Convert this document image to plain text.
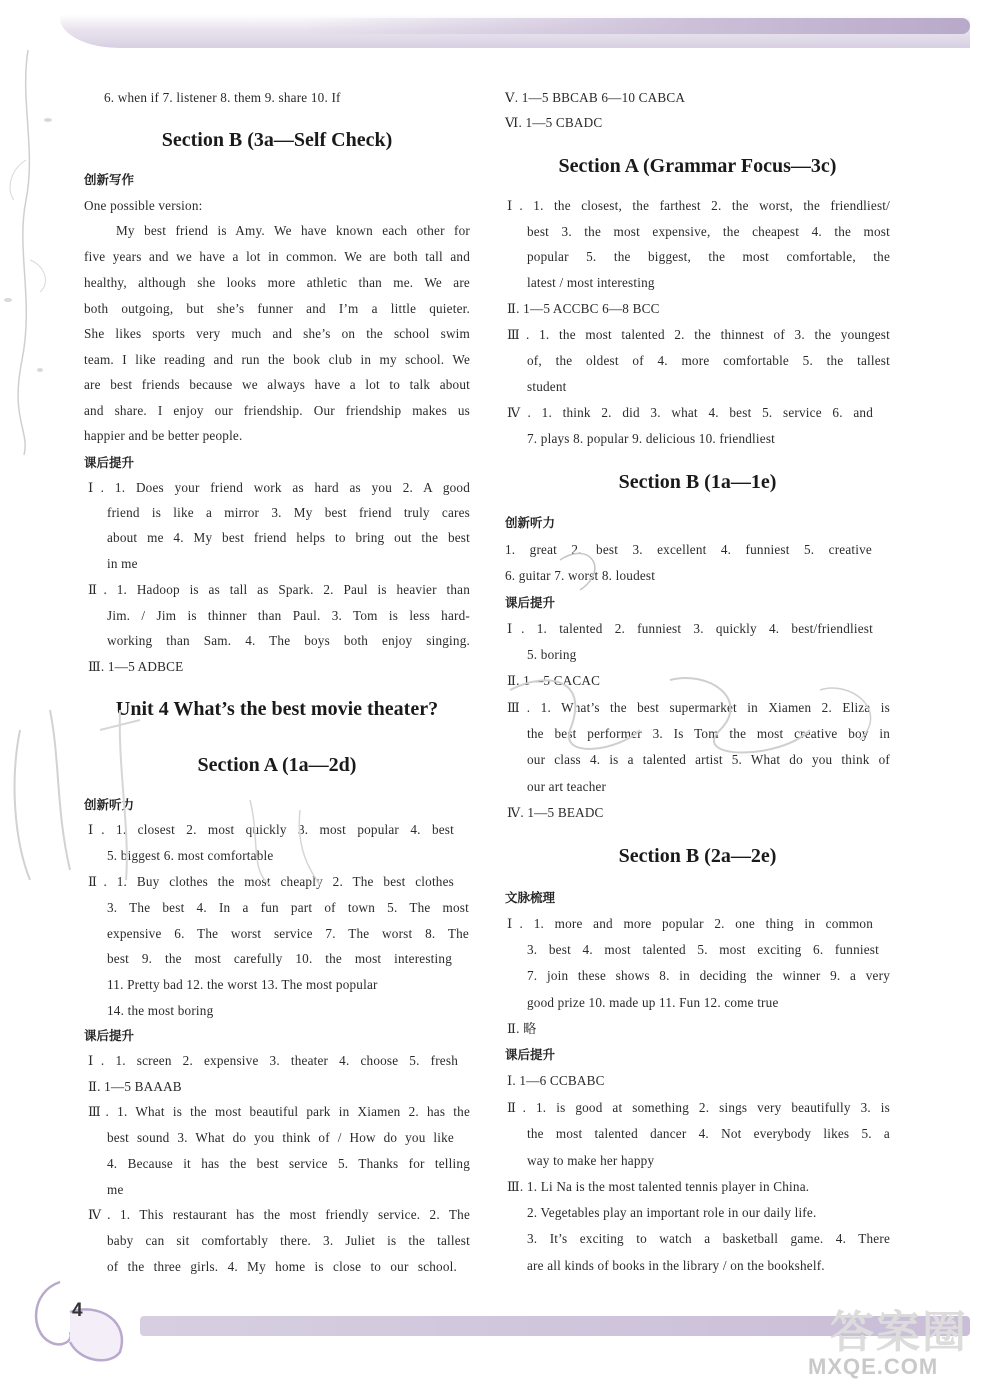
4
6. when if 7. listener 8. them 9. share 10. If
Section B (3a—Self Check)
创新写作
One possible version:
My best friend is Amy. We have known each other for
five years and we have a lot in common. We are both tall and
healthy, although she looks more athletic than me. We are
both outgoing, but she’s funner and I’m a little quieter.
She likes sports very much and she’s on the school swim
team. I like reading and run the book club in my school. We
are best friends because we always have a lot to talk about
and share. I enjoy our friendship. Our friendship makes us
happier and be better people.
课后提升
Ⅰ. 1. Does your friend work as hard as you 2. A good
friend is like a mirror 3. My best friend truly cares
about me 4. My best friend helps to bring out the best
in me
Ⅱ. 1. Hadoop is as tall as Spark. 2. Paul is heavier than
Jim. / Jim is thinner than Paul. 3. Tom is less hard-
working than Sam. 4. The boys both enjoy singing.
Ⅲ. 1—5 ADBCE
Unit 4 What’s the best movie theater?
Section A (1a—2d)
创新听力
Ⅰ. 1. closest 2. most quickly 3. most popular 4. best
5. biggest 6. most comfortable
Ⅱ. 1. Buy clothes the most cheaply 2. The best clothes
3. The best 4. In a fun part of town 5. The most
expensive 6. The worst service 7. The worst 8. The
best 9. the most carefully 10. the most interesting
11. Pretty bad 12. the worst 13. The most popular
14. the most boring
课后提升
Ⅰ. 1. screen 2. expensive 3. theater 4. choose 5. fresh
Ⅱ. 1—5 BAAAB
Ⅲ. 1. What is the most beautiful park in Xiamen 2. has the
best sound 3. What do you think of / How do you like
4. Because it has the best service 5. Thanks for telling
me
Ⅳ. 1. This restaurant has the most friendly service. 2. The
baby can sit comfortably there. 3. Juliet is the tallest
of the three girls. 4. My home is close to our school.
Ⅴ. 1—5 BBCAB 6—10 CABCA
Ⅵ. 1—5 CBADC
Section A (Grammar Focus—3c)
Ⅰ. 1. the closest, the farthest 2. the worst, the friendliest/
best 3. the most expensive, the cheapest 4. the most
popular 5. the biggest, the most comfortable, the
latest / most interesting
Ⅱ. 1—5 ACCBC 6—8 BCC
Ⅲ. 1. the most talented 2. the thinnest of 3. the youngest
of, the oldest of 4. more comfortable 5. the tallest
student
Ⅳ. 1. think 2. did 3. what 4. best 5. service 6. and
7. plays 8. popular 9. delicious 10. friendliest
Section B (1a—1e)
创新听力
1. great 2. best 3. excellent 4. funniest 5. creative
6. guitar 7. worst 8. loudest
课后提升
Ⅰ. 1. talented 2. funniest 3. quickly 4. best/friendliest
5. boring
Ⅱ. 1—5 CACAC
Ⅲ. 1. What’s the best supermarket in Xiamen 2. Eliza is
the best performer 3. Is Tom the most creative boy in
our class 4. is a talented artist 5. What do you think of
our art teacher
Ⅳ. 1—5 BEADC
Section B (2a—2e)
文脉梳理
Ⅰ. 1. more and more popular 2. one thing in common
3. best 4. most talented 5. most exciting 6. funniest
7. join these shows 8. in deciding the winner 9. a very
good prize 10. made up 11. Fun 12. come true
Ⅱ. 略
课后提升
Ⅰ. 1—6 CCBABC
Ⅱ. 1. is good at something 2. sings very beautifully 3. is
the most talented dancer 4. Not everybody likes 5. a
way to make her happy
Ⅲ. 1. Li Na is the most talented tennis player in China.
2. Vegetables play an important role in our daily life.
3. It’s exciting to watch a basketball game. 4. There
are all kinds of books in the library / on the bookshelf.
答案圈
MXQE.COM
